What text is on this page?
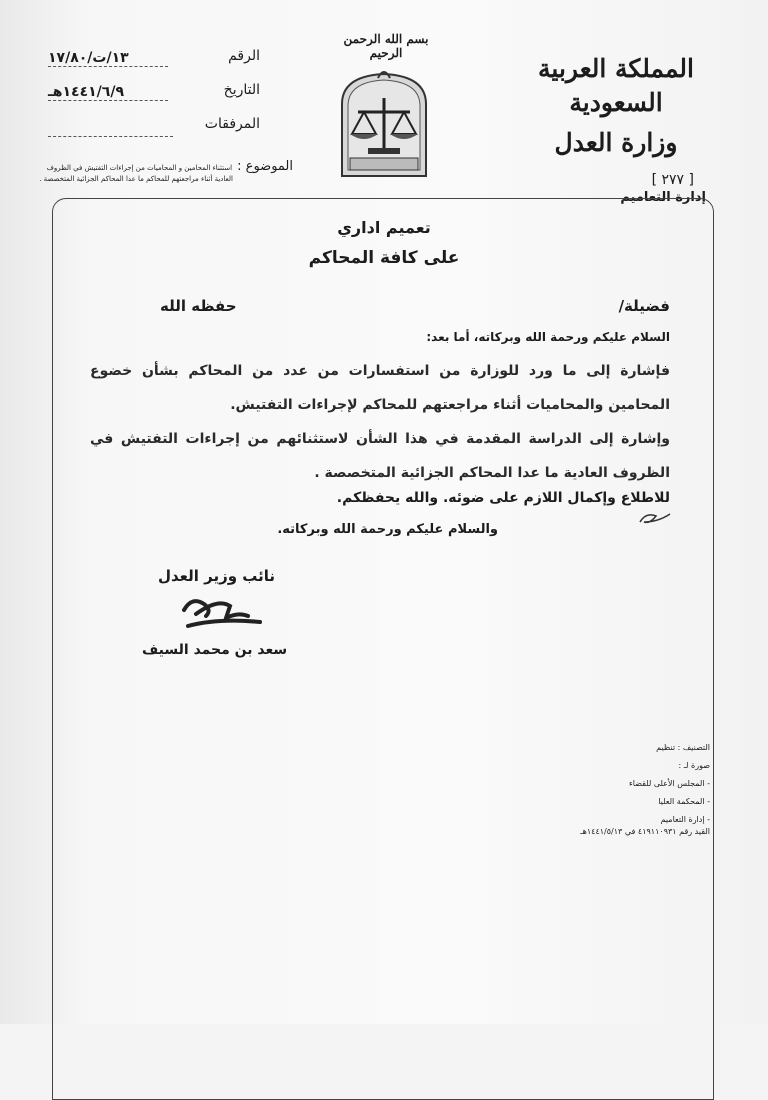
المملكة العربية السعودية
وزارة العدل
[ ٢٧٧ ]
إدارة التعاميم
بسم الله الرحمن الرحيم
الرقم
١٣/ت/١٧/٨٠
التاريخ
١٤٤١/٦/٩هـ
المرفقات
الموضوع : استثناء المحامين و المحاميات من إجراءات التفتيش في الظروف
العادية أثناء مراجعتهم للمحاكم ما عدا المحاكم الجزائية المتخصصة .
تعميم اداري
على كافة المحاكم
فضيلة/
حفظه الله
السلام عليكم ورحمة الله وبركاته، أما بعد:
فإشارة إلى ما ورد للوزارة من استفسارات من عدد من المحاكم بشأن خضوع المحامين والمحاميات أثناء مراجعتهم للمحاكم لإجراءات التفتيش.
وإشارة إلى الدراسة المقدمة في هذا الشأن لاستثنائهم من إجراءات التفتيش في الظروف العادية ما عدا المحاكم الجزائية المتخصصة .
للاطلاع وإكمال اللازم على ضوئه. والله يحفظكم.
والسلام عليكم ورحمة الله وبركاته.
نائب وزير العدل
سعد بن محمد السيف
التصنيف : تنظيم
صورة لـ :
- المجلس الأعلى للقضاء
- المحكمة العليا
- إدارة التعاميم
القيد رقم ٤١٩١١٠٩٣١ في ١٤٤١/٥/١٣هـ
